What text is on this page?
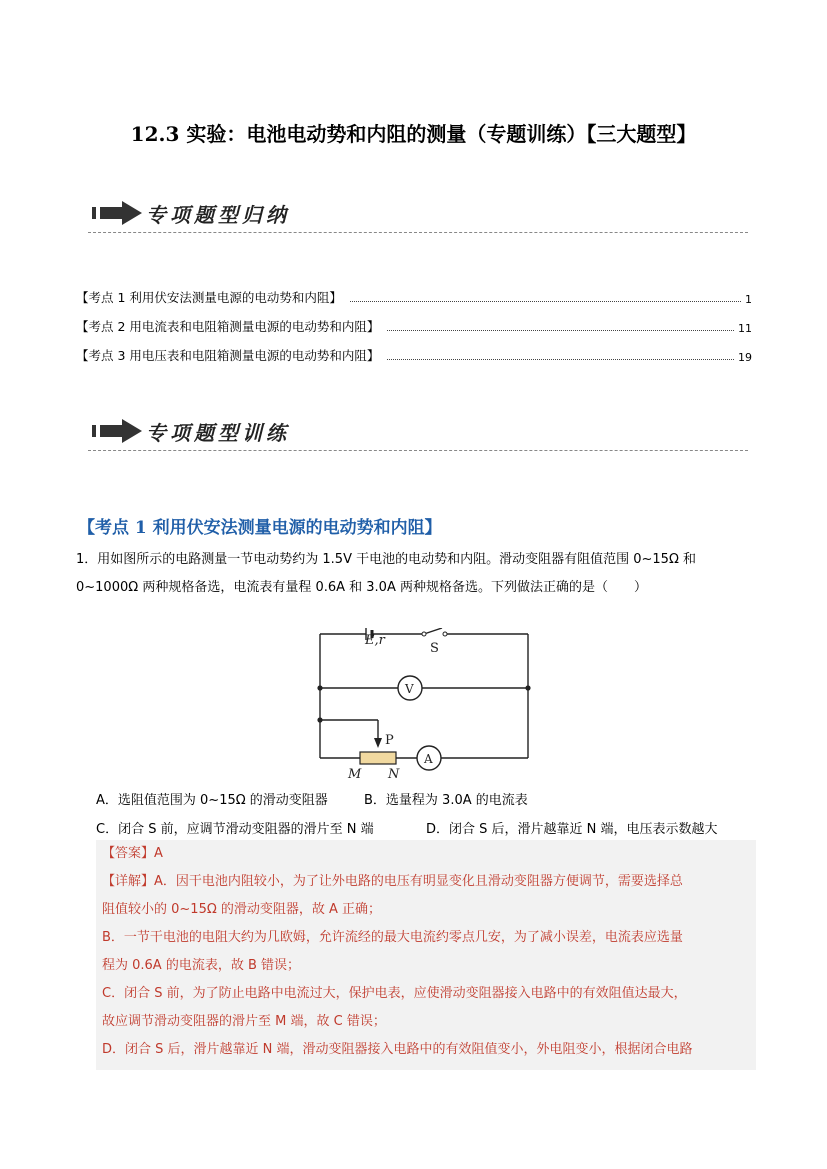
12.3 实验：电池电动势和内阻的测量（专题训练）【三大题型】
专项题型归纳
【考点 1 利用伏安法测量电源的电动势和内阻】	1
【考点 2 用电流表和电阻箱测量电源的电动势和内阻】	11
【考点 3 用电压表和电阻箱测量电源的电动势和内阻】	19
专项题型训练
【考点 1 利用伏安法测量电源的电动势和内阻】
1．用如图所示的电路测量一节电动势约为 1.5V 干电池的电动势和内阻。滑动变阻器有阻值范围 0~15Ω 和
0~1000Ω 两种规格备选，电流表有量程 0.6A 和 3.0A 两种规格备选。下列做法正确的是（　　）
E,r
S
V
A
P
M N
A．选阻值范围为 0~15Ω 的滑动变阻器	B．选量程为 3.0A 的电流表
C．闭合 S 前，应调节滑动变阻器的滑片至 N 端	D．闭合 S 后，滑片越靠近 N 端，电压表示数越大
【答案】A
【详解】A．因干电池内阻较小，为了让外电路的电压有明显变化且滑动变阻器方便调节，需要选择总
阻值较小的 0~15Ω 的滑动变阻器，故 A 正确；
B．一节干电池的电阻大约为几欧姆，允许流经的最大电流约零点几安，为了减小误差，电流表应选量
程为 0.6A 的电流表，故 B 错误；
C．闭合 S 前，为了防止电路中电流过大，保护电表，应使滑动变阻器接入电路中的有效阻值达最大，
故应调节滑动变阻器的滑片至 M 端，故 C 错误；
D．闭合 S 后，滑片越靠近 N 端，滑动变阻器接入电路中的有效阻值变小，外电阻变小，根据闭合电路
